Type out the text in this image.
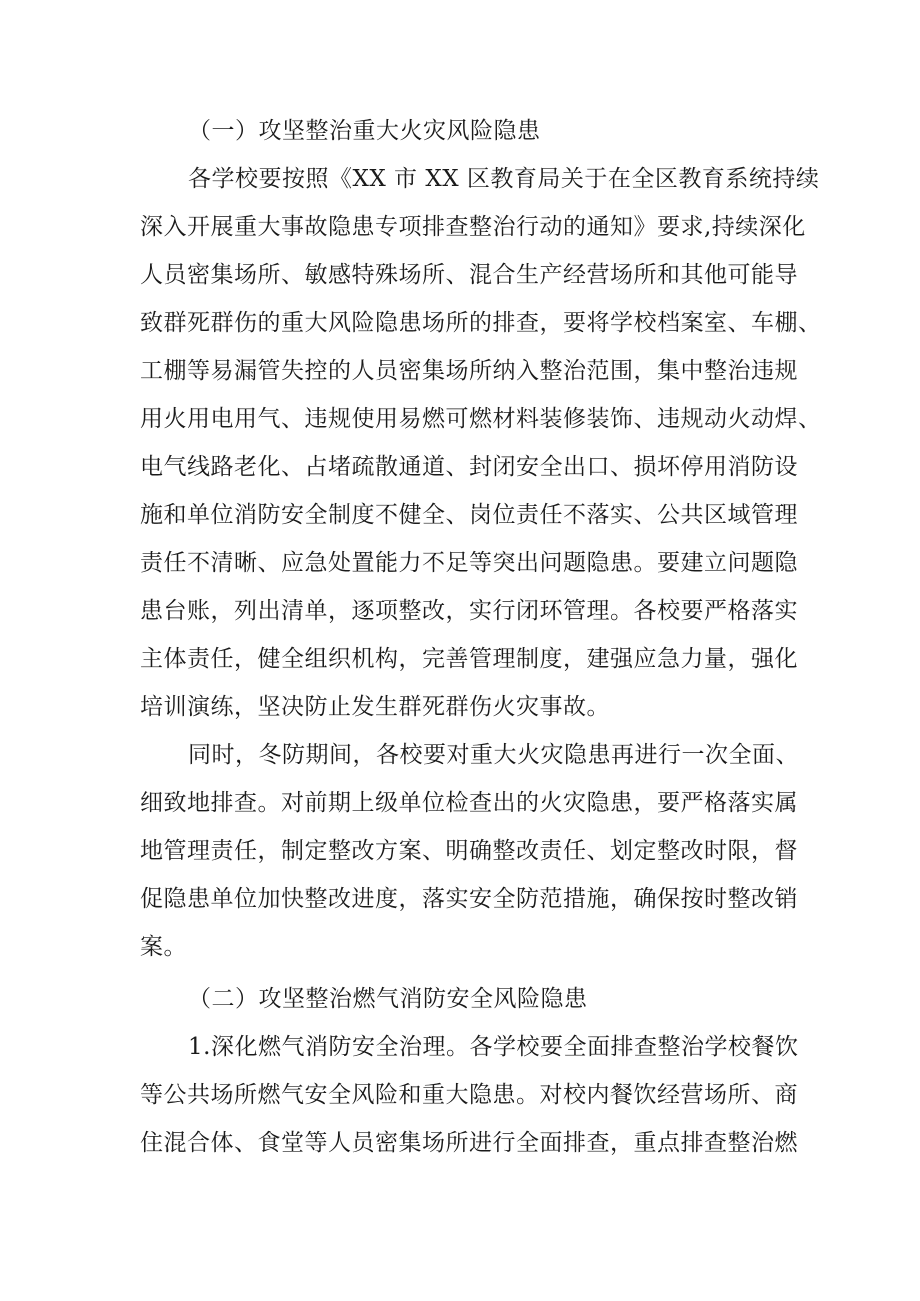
（一）攻坚整治重大火灾风险隐患
各学校要按照《XX 市 XX 区教育局关于在全区教育系统持续
深入开展重大事故隐患专项排查整治行动的通知》要求,持续深化
人员密集场所、敏感特殊场所、混合生产经营场所和其他可能导
致群死群伤的重大风险隐患场所的排查，要将学校档案室、车棚、
工棚等易漏管失控的人员密集场所纳入整治范围，集中整治违规
用火用电用气、违规使用易燃可燃材料装修装饰、违规动火动焊、
电气线路老化、占堵疏散通道、封闭安全出口、损坏停用消防设
施和单位消防安全制度不健全、岗位责任不落实、公共区域管理
责任不清晰、应急处置能力不足等突出问题隐患。要建立问题隐
患台账，列出清单，逐项整改，实行闭环管理。各校要严格落实
主体责任，健全组织机构，完善管理制度，建强应急力量，强化
培训演练，坚决防止发生群死群伤火灾事故。
同时，冬防期间，各校要对重大火灾隐患再进行一次全面、
细致地排查。对前期上级单位检查出的火灾隐患，要严格落实属
地管理责任，制定整改方案、明确整改责任、划定整改时限，督
促隐患单位加快整改进度，落实安全防范措施，确保按时整改销
案。
（二）攻坚整治燃气消防安全风险隐患
1.深化燃气消防安全治理。各学校要全面排查整治学校餐饮
等公共场所燃气安全风险和重大隐患。对校内餐饮经营场所、商
住混合体、食堂等人员密集场所进行全面排查，重点排查整治燃
